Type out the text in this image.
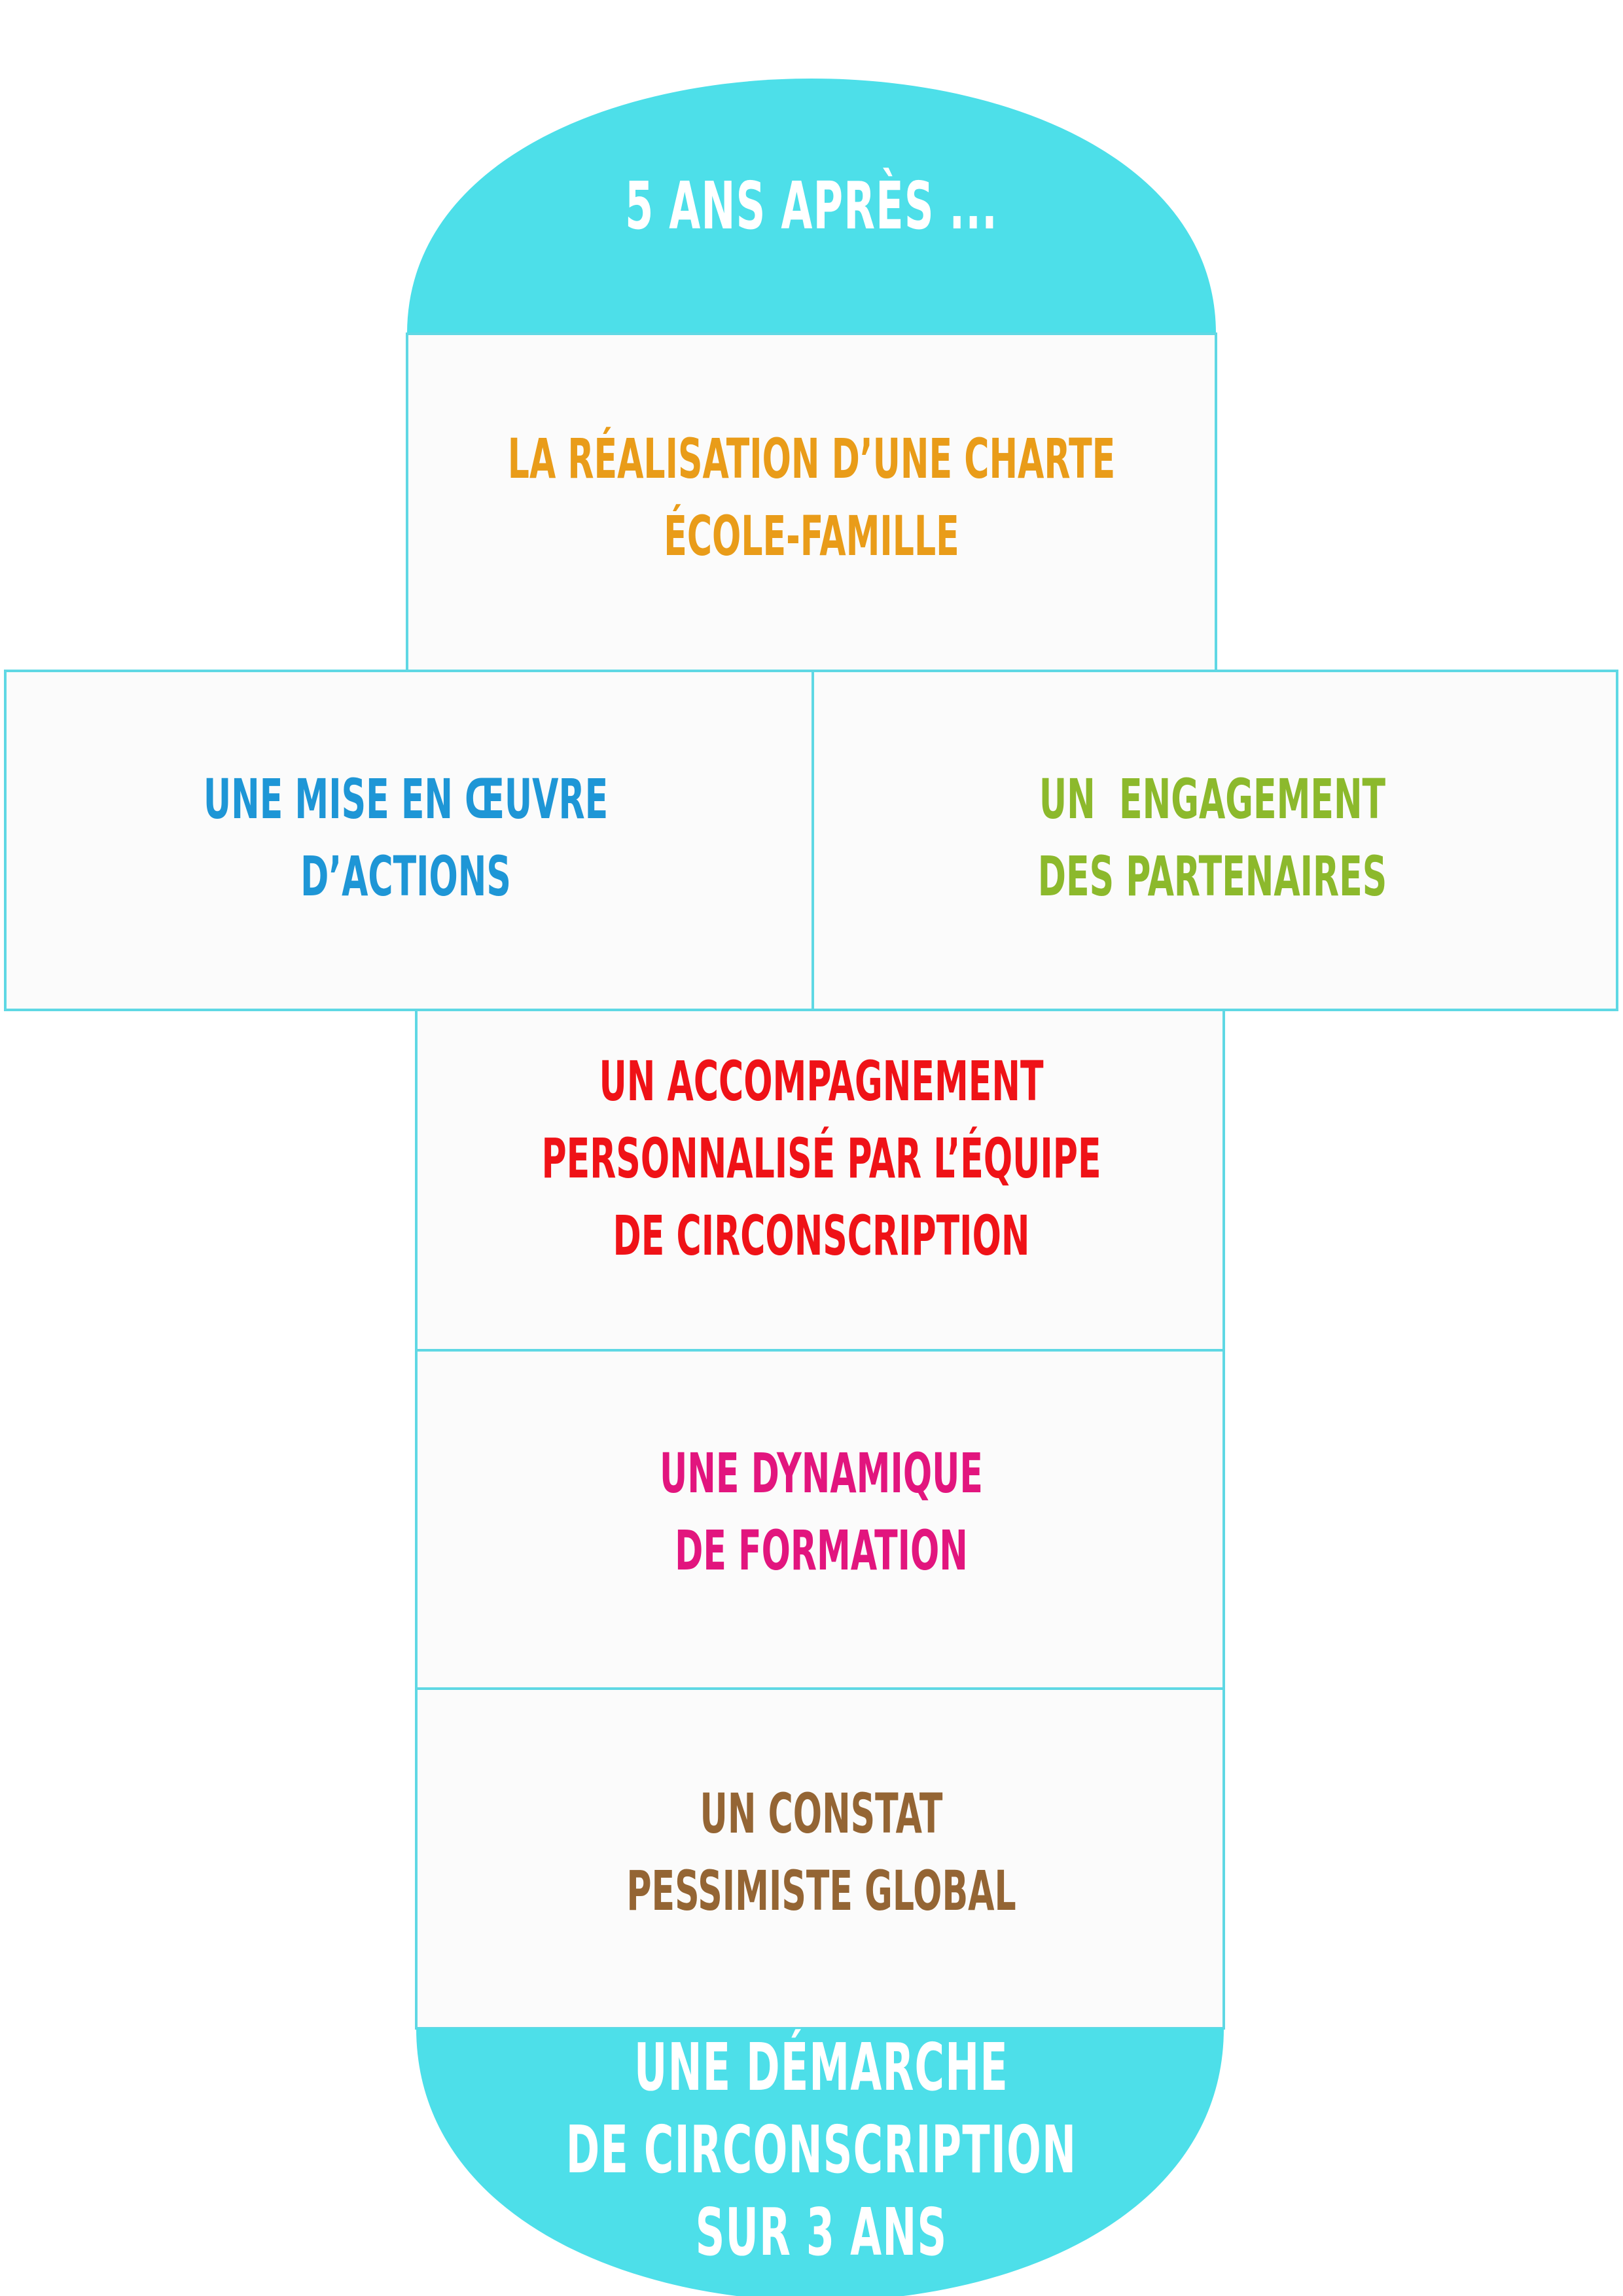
5 ANS APRÈS ...
LA RÉALISATION D’UNE CHARTE
ÉCOLE-FAMILLE
UNE MISE EN ŒUVRE
D’ACTIONS
UN  ENGAGEMENT
DES PARTENAIRES
UN ACCOMPAGNEMENT
PERSONNALISÉ PAR L’ÉQUIPE
DE CIRCONSCRIPTION
UNE DYNAMIQUE
DE FORMATION
UN CONSTAT
PESSIMISTE GLOBAL
UNE DÉMARCHE
DE CIRCONSCRIPTION
SUR 3 ANS
